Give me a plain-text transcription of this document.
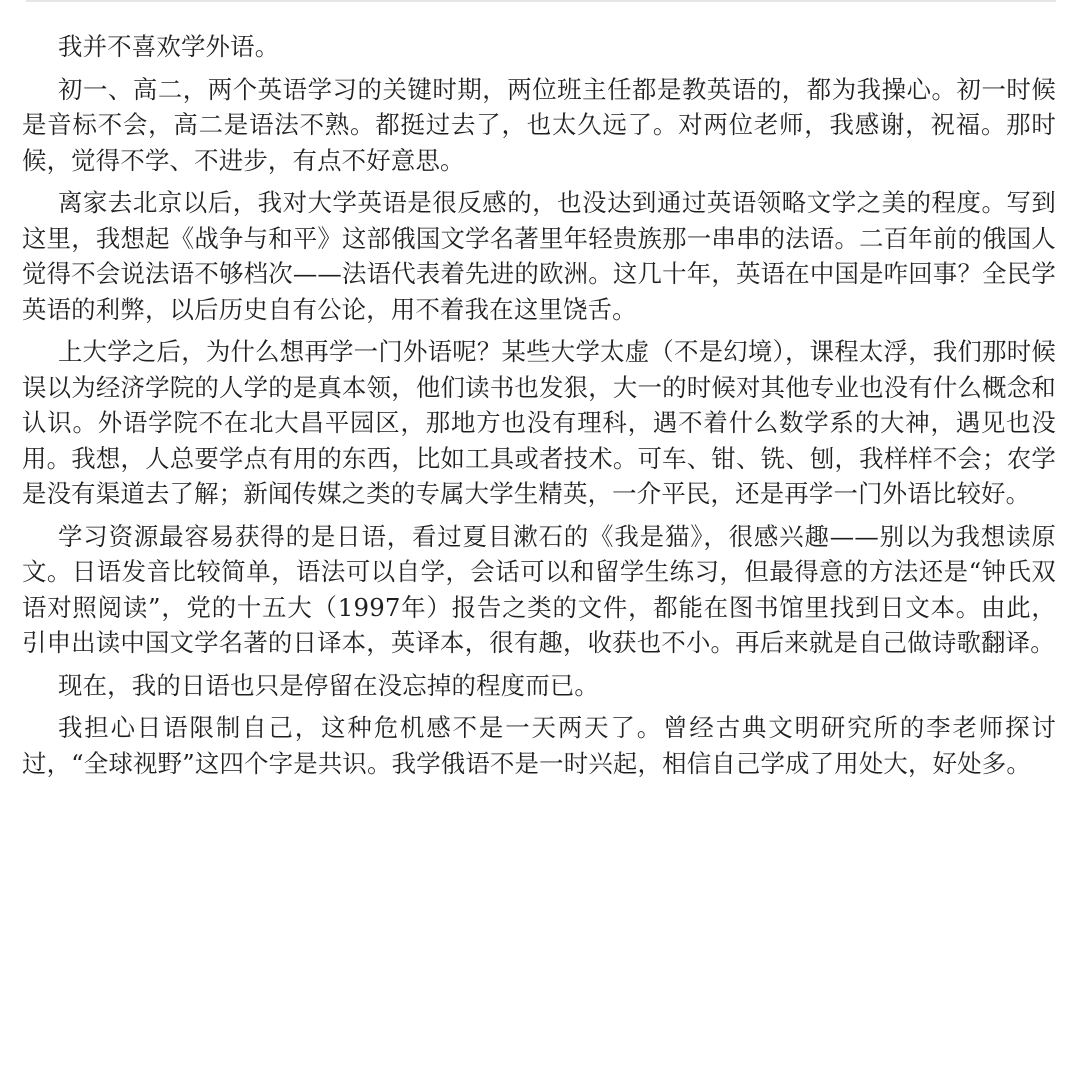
我并不喜欢学外语。

初一、高二，两个英语学习的关键时期，两位班主任都是教英语的，都为我操心。初一时候是音标不会，高二是语法不熟。都挺过去了，也太久远了。对两位老师，我感谢，祝福。那时候，觉得不学、不进步，有点不好意思。

离家去北京以后，我对大学英语是很反感的，也没达到通过英语领略文学之美的程度。写到这里，我想起《战争与和平》这部俄国文学名著里年轻贵族那一串串的法语。二百年前的俄国人觉得不会说法语不够档次——法语代表着先进的欧洲。这几十年，英语在中国是咋回事？全民学英语的利弊，以后历史自有公论，用不着我在这里饶舌。

上大学之后，为什么想再学一门外语呢？某些大学太虚（不是幻境），课程太浮，我们那时候误以为经济学院的人学的是真本领，他们读书也发狠，大一的时候对其他专业也没有什么概念和认识。外语学院不在北大昌平园区，那地方也没有理科，遇不着什么数学系的大神，遇见也没用。我想，人总要学点有用的东西，比如工具或者技术。可车、钳、铣、刨，我样样不会；农学是没有渠道去了解；新闻传媒之类的专属大学生精英，一介平民，还是再学一门外语比较好。

学习资源最容易获得的是日语，看过夏目漱石的《我是猫》，很感兴趣——别以为我想读原文。日语发音比较简单，语法可以自学，会话可以和留学生练习，但最得意的方法还是“钟氏双语对照阅读”，党的十五大（1997年）报告之类的文件，都能在图书馆里找到日文本。由此，引申出读中国文学名著的日译本，英译本，很有趣，收获也不小。再后来就是自己做诗歌翻译。

现在，我的日语也只是停留在没忘掉的程度而已。

我担心日语限制自己，这种危机感不是一天两天了。曾经古典文明研究所的李老师探讨过，“全球视野”这四个字是共识。我学俄语不是一时兴起，相信自己学成了用处大，好处多。
